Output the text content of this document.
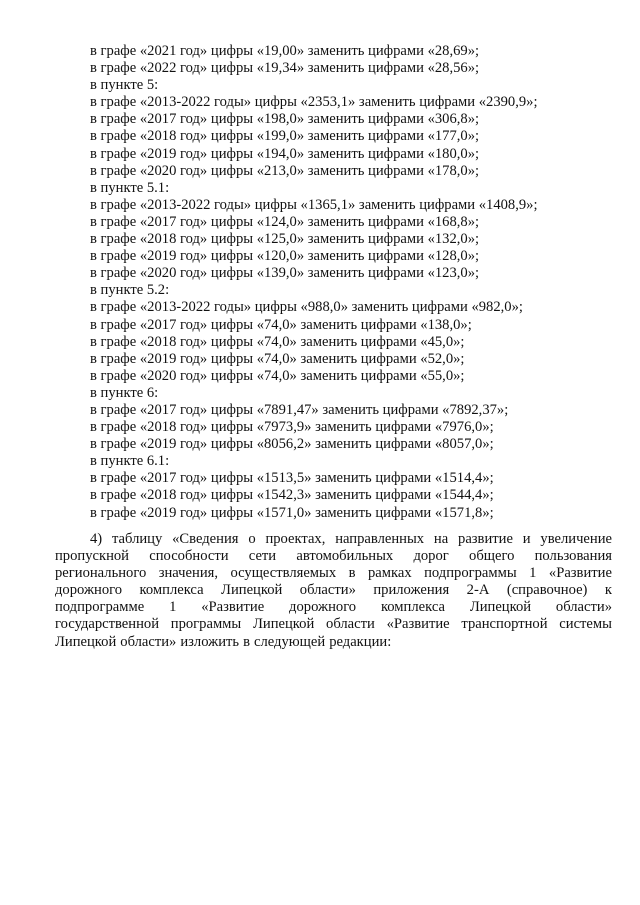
в графе «2021 год» цифры «19,00» заменить цифрами «28,69»;
в графе «2022 год» цифры «19,34» заменить цифрами «28,56»;
в пункте 5:
в графе «2013-2022 годы» цифры «2353,1» заменить цифрами «2390,9»;
в графе «2017 год» цифры «198,0» заменить цифрами «306,8»;
в графе «2018 год» цифры «199,0» заменить цифрами «177,0»;
в графе «2019 год» цифры «194,0» заменить цифрами «180,0»;
в графе «2020 год» цифры «213,0» заменить цифрами «178,0»;
в пункте 5.1:
в графе «2013-2022 годы» цифры «1365,1» заменить цифрами «1408,9»;
в графе «2017 год» цифры «124,0» заменить цифрами «168,8»;
в графе «2018 год» цифры «125,0» заменить цифрами «132,0»;
в графе «2019 год» цифры «120,0» заменить цифрами «128,0»;
в графе «2020 год» цифры «139,0» заменить цифрами «123,0»;
в пункте 5.2:
в графе «2013-2022 годы» цифры «988,0» заменить цифрами «982,0»;
в графе «2017 год» цифры «74,0» заменить цифрами «138,0»;
в графе «2018 год» цифры «74,0» заменить цифрами «45,0»;
в графе «2019 год» цифры «74,0» заменить цифрами «52,0»;
в графе «2020 год» цифры «74,0» заменить цифрами «55,0»;
в пункте 6:
в графе «2017 год» цифры «7891,47» заменить цифрами «7892,37»;
в графе «2018 год» цифры «7973,9» заменить цифрами «7976,0»;
в графе «2019 год» цифры «8056,2» заменить цифрами «8057,0»;
в пункте 6.1:
в графе «2017 год» цифры «1513,5» заменить цифрами «1514,4»;
в графе «2018 год» цифры «1542,3» заменить цифрами «1544,4»;
в графе «2019 год» цифры «1571,0» заменить цифрами «1571,8»;
4) таблицу «Сведения о проектах, направленных на развитие и увеличение
пропускной способности сети автомобильных дорог общего пользования
регионального значения, осуществляемых в рамках подпрограммы 1 «Развитие
дорожного комплекса Липецкой области» приложения 2-А (справочное) к
подпрограмме 1 «Развитие дорожного комплекса Липецкой области»
государственной программы Липецкой области «Развитие транспортной системы
Липецкой области» изложить в следующей редакции:
